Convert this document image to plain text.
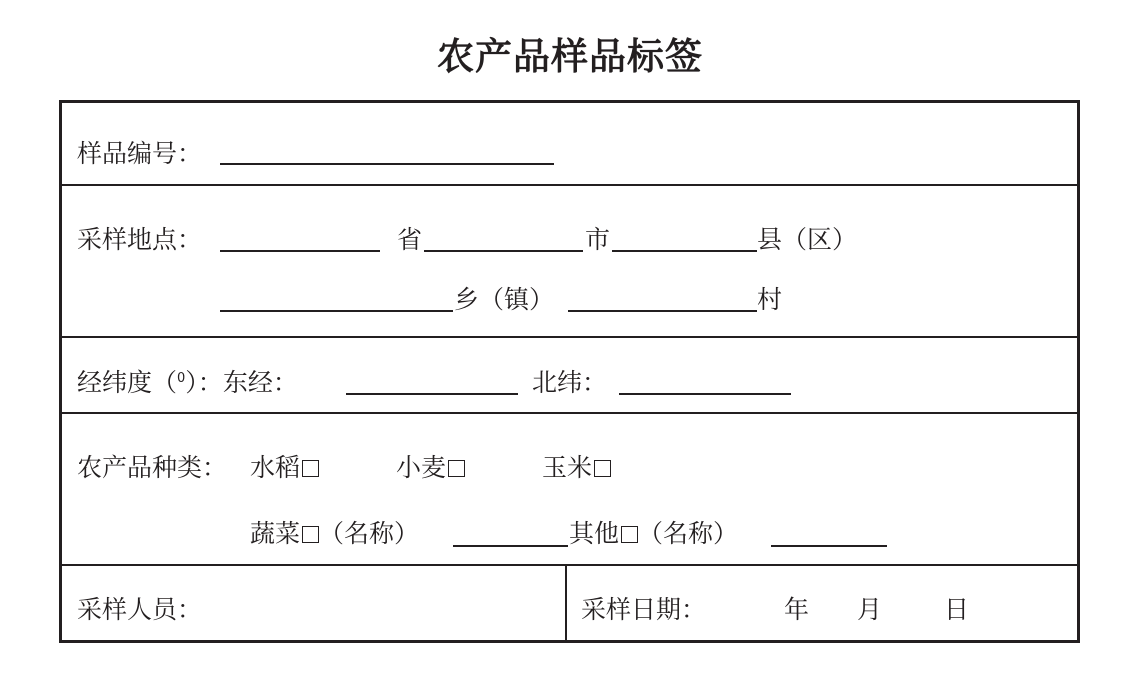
农产品样品标签
样品编号：
采样地点：	省	市	县（区）
乡（镇）	村
经纬度（$^0$）：东经：	北纬：
农产品种类： 水稻	小麦	玉米
蔬菜 （名称）	其他 （名称）
采样人员：	采样日期：	年 月 日
